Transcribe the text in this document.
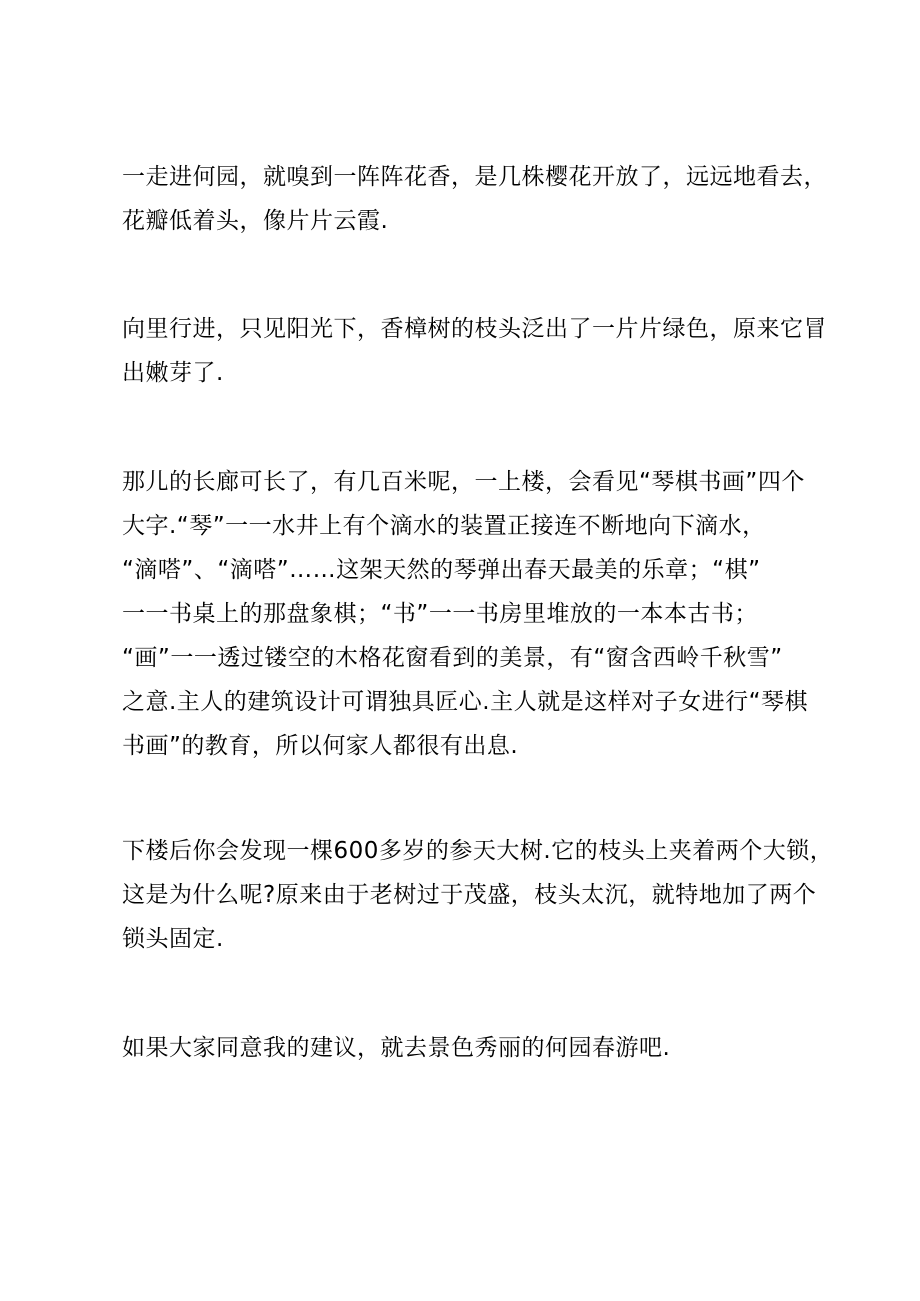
一走进何园，就嗅到一阵阵花香，是几株樱花开放了，远远地看去，
花瓣低着头，像片片云霞.
向里行进，只见阳光下，香樟树的枝头泛出了一片片绿色，原来它冒
出嫩芽了.
那儿的长廊可长了，有几百米呢，一上楼，会看见“琴棋书画”四个
大字.“琴”一一水井上有个滴水的装置正接连不断地向下滴水，
“滴嗒”、“滴嗒”……这架天然的琴弹出春天最美的乐章；“棋”
一一书桌上的那盘象棋；“书”一一书房里堆放的一本本古书；
“画”一一透过镂空的木格花窗看到的美景，有“窗含西岭千秋雪”
之意.主人的建筑设计可谓独具匠心.主人就是这样对子女进行“琴棋
书画”的教育，所以何家人都很有出息.
下楼后你会发现一棵600多岁的参天大树.它的枝头上夹着两个大锁，
这是为什么呢?原来由于老树过于茂盛，枝头太沉，就特地加了两个
锁头固定.
如果大家同意我的建议，就去景色秀丽的何园春游吧.
